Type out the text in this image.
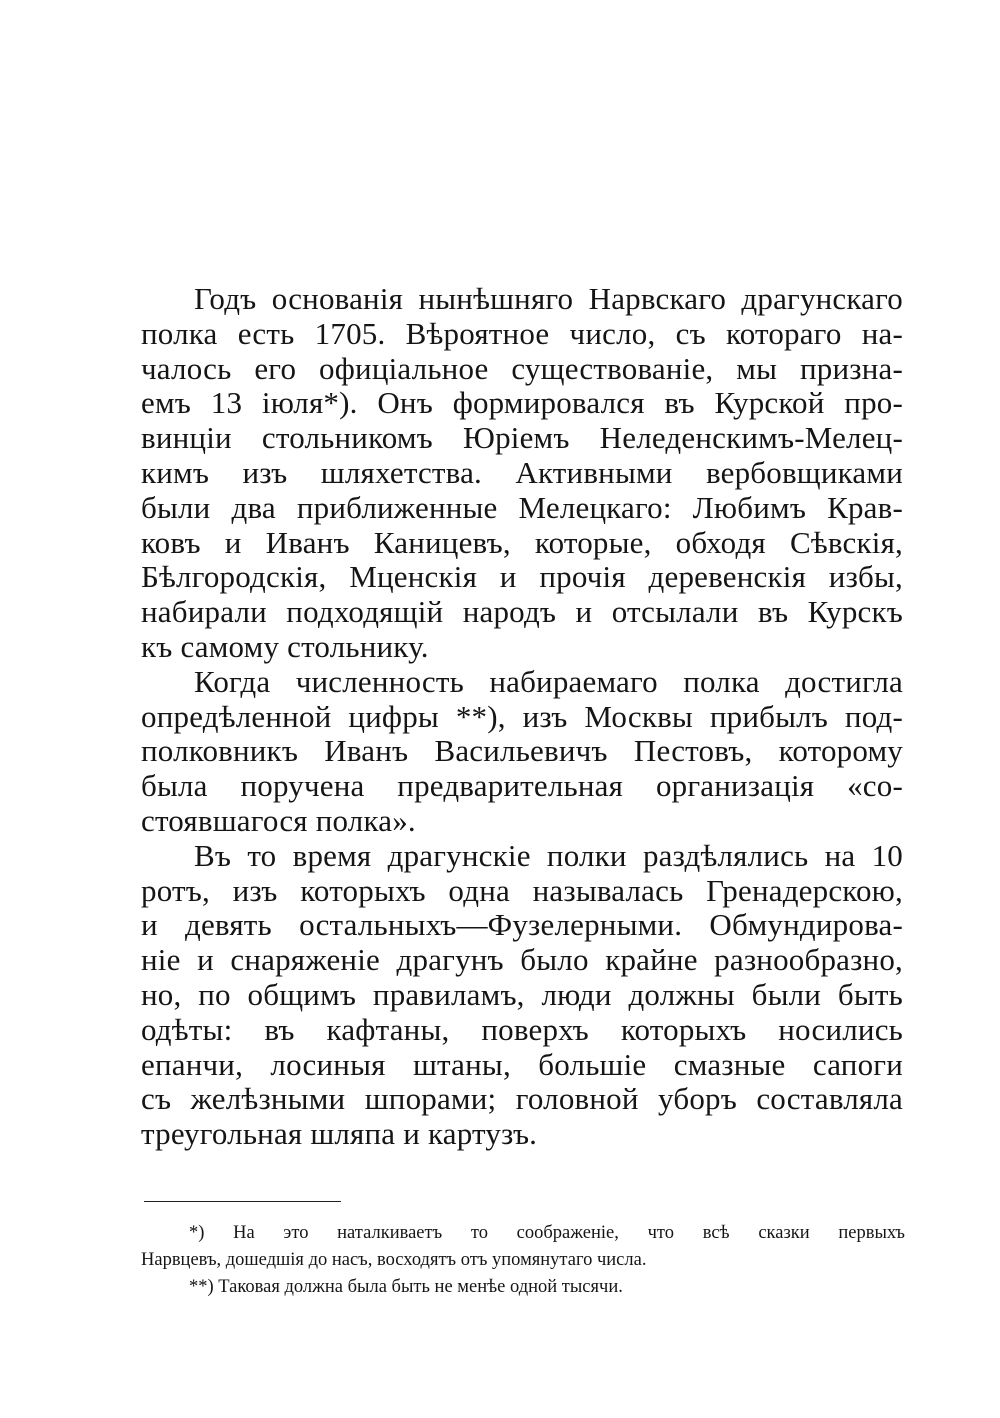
Годъ основанія нынѣшняго Нарвскаго драгунскаго
полка есть 1705. Вѣроятное число, съ котораго на-
чалось его офиціальное существованіе, мы призна-
емъ 13 іюля*). Онъ формировался въ Курской про-
винціи стольникомъ Юріемъ Неледенскимъ-Мелец-
кимъ изъ шляхетства. Активными вербовщиками
были два приближенные Мелецкаго: Любимъ Крав-
ковъ и Иванъ Каницевъ, которые, обходя Сѣвскія,
Бѣлгородскія, Мценскія и прочія деревенскія избы,
набирали подходящій народъ и отсылали въ Курскъ
къ самому стольнику.
Когда численность набираемаго полка достигла
опредѣленной цифры **), изъ Москвы прибылъ под-
полковникъ Иванъ Васильевичъ Пестовъ, которому
была поручена предварительная организація «со-
стоявшагося полка».
Въ то время драгунскіе полки раздѣлялись на 10
ротъ, изъ которыхъ одна называлась Гренадерскою,
и девять остальныхъ—Фузелерными. Обмундирова-
ніе и снаряженіе драгунъ было крайне разнообразно,
но, по общимъ правиламъ, люди должны были быть
одѣты: въ кафтаны, поверхъ которыхъ носились
епанчи, лосиныя штаны, большіе смазные сапоги
съ желѣзными шпорами; головной уборъ составляла
треугольная шляпа и картузъ.
*) На это наталкиваетъ то соображеніе, что всѣ сказки первыхъ
Нарвцевъ, дошедшія до насъ, восходятъ отъ упомянутаго числа.
**) Таковая должна была быть не менѣе одной тысячи.
